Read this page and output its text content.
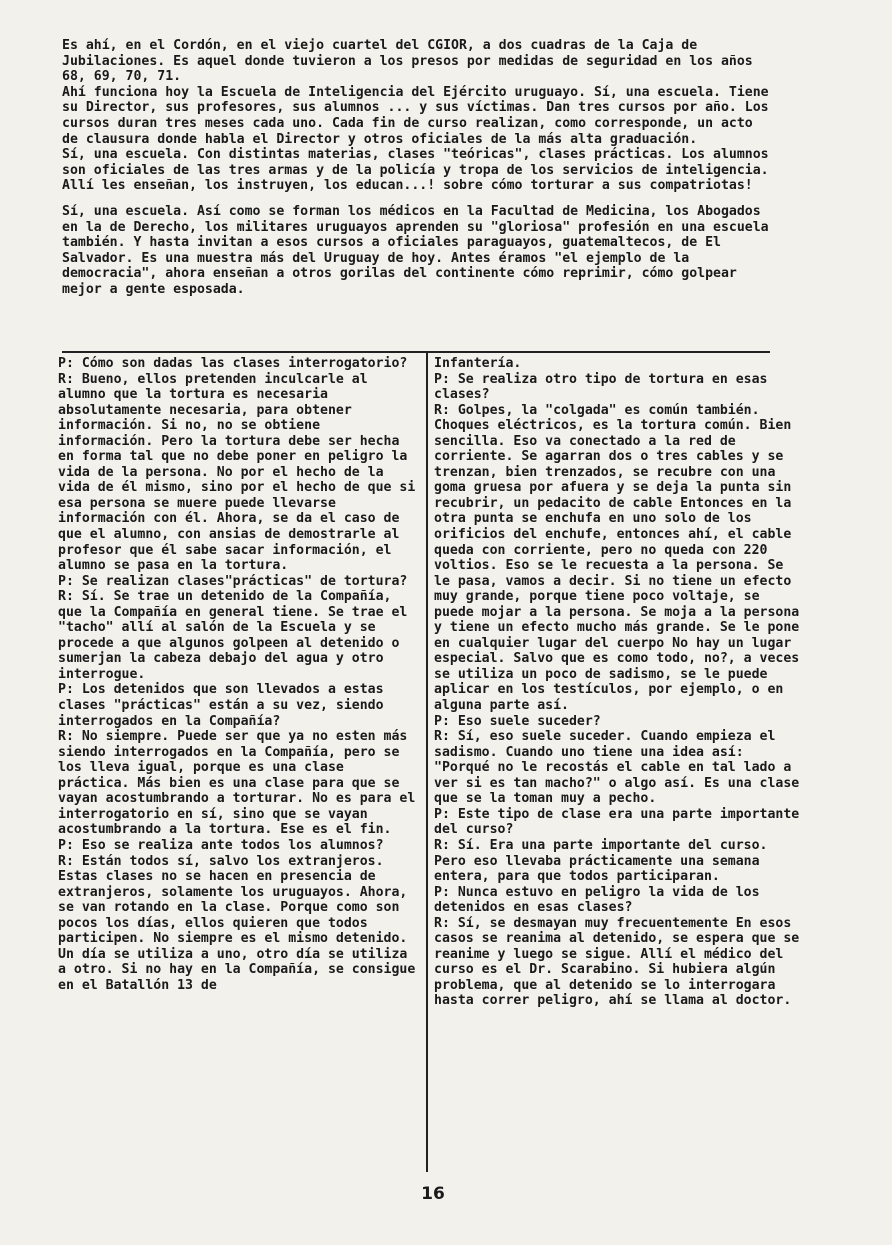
Es ahí, en el Cordón, en el viejo cuartel del CGIOR, a dos cuadras de la Caja de Jubilaciones. Es aquel donde tuvieron a los presos por medidas de seguridad en los años 68, 69, 70, 71.

Ahí funciona hoy la Escuela de Inteligencia del Ejército uruguayo. Sí, una escuela. Tiene su Director, sus profesores, sus alumnos ... y sus víctimas. Dan tres cursos por año. Los cursos duran tres meses cada uno. Cada fin de curso realizan, como corresponde, un acto de clausura donde habla el Director y otros oficiales de la más alta graduación.

Sí, una escuela. Con distintas materias, clases "teóricas", clases prácticas. Los alumnos son oficiales de las tres armas y de la policía y tropa de los servicios de inteligencia. Allí les enseñan, los instruyen, los educan...! sobre cómo torturar a sus compatriotas!

Sí, una escuela. Así como se forman los médicos en la Facultad de Medicina, los Abogados en la de Derecho, los militares uruguayos aprenden su "gloriosa" profesión en una escuela también. Y hasta invitan a esos cursos a oficiales paraguayos, guatemaltecos, de El Salvador. Es una muestra más del Uruguay de hoy. Antes éramos "el ejemplo de la democracia", ahora enseñan a otros gorilas del continente cómo reprimir, cómo golpear mejor a gente esposada.

P: Cómo son dadas las clases interrogatorio?

R: Bueno, ellos pretenden inculcarle al alumno que la tortura es necesaria absolutamente necesaria, para obtener información. Si no, no se obtiene información. Pero la tortura debe ser hecha en forma tal que no debe poner en peligro la vida de la persona. No por el hecho de la vida de él mismo, sino por el hecho de que si esa persona se muere puede llevarse información con él. Ahora, se da el caso de que el alumno, con ansias de demostrarle al profesor que él sabe sacar información, el alumno se pasa en la tortura.

P: Se realizan clases"prácticas" de tortura?

R: Sí. Se trae un detenido de la Compañía, que la Compañía en general tiene. Se trae el "tacho" allí al salón de la Escuela y se procede a que algunos golpeen al detenido o sumerjan la cabeza debajo del agua y otro interrogue.

P: Los detenidos que son llevados a estas clases "prácticas" están a su vez, siendo interrogados en la Compañía?

R: No siempre. Puede ser que ya no esten más siendo interrogados en la Compañía, pero se los lleva igual, porque es una clase práctica. Más bien es una clase para que se vayan acostumbrando a torturar. No es para el interrogatorio en sí, sino que se vayan acostumbrando a la tortura. Ese es el fin.

P: Eso se realiza ante todos los alumnos?

R: Están todos sí, salvo los extranjeros. Estas clases no se hacen en presencia de extranjeros, solamente los uruguayos. Ahora, se van rotando en la clase. Porque como son pocos los días, ellos quieren que todos participen. No siempre es el mismo detenido. Un día se utiliza a uno, otro día se utiliza a otro. Si no hay en la Compañía, se consigue en el Batallón 13 de

Infantería.

P: Se realiza otro tipo de tortura en esas clases?

R: Golpes, la "colgada" es común también. Choques eléctricos, es la tortura común. Bien sencilla. Eso va conectado a la red de corriente. Se agarran dos o tres cables y se trenzan, bien trenzados, se recubre con una goma gruesa por afuera y se deja la punta sin recubrir, un pedacito de cable Entonces en la otra punta se enchufa en uno solo de los orificios del enchufe, entonces ahí, el cable queda con corriente, pero no queda con 220 voltios. Eso se le recuesta a la persona. Se le pasa, vamos a decir. Si no tiene un efecto muy grande, porque tiene poco voltaje, se puede mojar a la persona. Se moja a la persona y tiene un efecto mucho más grande. Se le pone en cualquier lugar del cuerpo No hay un lugar especial. Salvo que es como todo, no?, a veces se utiliza un poco de sadismo, se le puede aplicar en los testículos, por ejemplo, o en alguna parte así.

P: Eso suele suceder?

R: Sí, eso suele suceder. Cuando empieza el sadismo. Cuando uno tiene una idea así: "Porqué no le recostás el cable en tal lado a ver si es tan macho?" o algo así. Es una clase que se la toman muy a pecho.

P: Este tipo de clase era una parte importante del curso?

R: Sí. Era una parte importante del curso. Pero eso llevaba prácticamente una semana entera, para que todos participaran.

P: Nunca estuvo en peligro la vida de los detenidos en esas clases?

R: Sí, se desmayan muy frecuentemente En esos casos se reanima al detenido, se espera que se reanime y luego se sigue. Allí el médico del curso es el Dr. Scarabino. Si hubiera algún problema, que al detenido se lo interrogara hasta correr peligro, ahí se llama al doctor.

16
